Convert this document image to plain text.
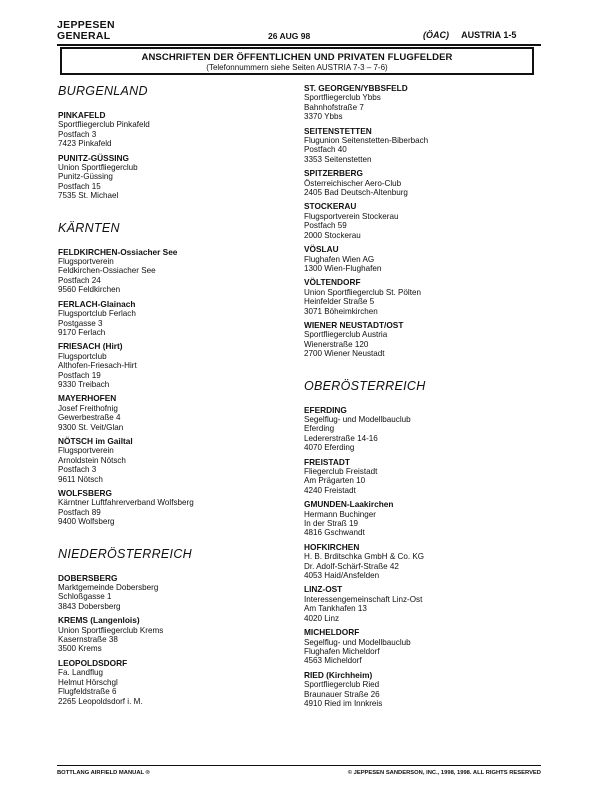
JEPPESEN
GENERAL	26 AUG 98	(ÖAC) AUSTRIA 1-5
ANSCHRIFTEN DER ÖFFENTLICHEN UND PRIVATEN FLUGFELDER
(Telefonnummern siehe Seiten AUSTRIA 7-3 – 7-6)
BURGENLAND
PINKAFELD
Sportfliegerclub Pinkafeld
Postfach 3
7423 Pinkafeld
PUNITZ-GÜSSING
Union Sportfliegerclub
Punitz-Güssing
Postfach 15
7535 St. Michael
KÄRNTEN
FELDKIRCHEN-Ossiacher See
Flugsportverein
Feldkirchen-Ossiacher See
Postfach 24
9560 Feldkirchen
FERLACH-Glainach
Flugsportclub Ferlach
Postgasse 3
9170 Ferlach
FRIESACH (Hirt)
Flugsportclub
Althofen-Friesach-Hirt
Postfach 19
9330 Treibach
MAYERHOFEN
Josef Freithofnig
Gewerbestraße 4
9300 St. Veit/Glan
NÖTSCH im Gailtal
Flugsportverein
Arnoldstein Nötsch
Postfach 3
9611 Nötsch
WOLFSBERG
Kärntner Luftfahrerverband Wolfsberg
Postfach 89
9400 Wolfsberg
NIEDERÖSTERREICH
DOBERSBERG
Marktgemeinde Dobersberg
Schloßgasse 1
3843 Dobersberg
KREMS (Langenlois)
Union Sportfliegerclub Krems
Kasernstraße 38
3500 Krems
LEOPOLDSDORF
Fa. Landflug
Helmut Hörschgl
Flugfeldstraße 6
2265 Leopoldsdorf i. M.
ST. GEORGEN/YBBSFELD
Sportfliegerclub Ybbs
Bahnhofstraße 7
3370 Ybbs
SEITENSTETTEN
Flugunion Seitenstetten-Biberbach
Postfach 40
3353 Seitenstetten
SPITZERBERG
Österreichischer Aero-Club
2405 Bad Deutsch-Altenburg
STOCKERAU
Flugsportverein Stockerau
Postfach 59
2000 Stockerau
VÖSLAU
Flughafen Wien AG
1300 Wien-Flughafen
VÖLTENDORF
Union Sportfliegerclub St. Pölten
Heinfelder Straße 5
3071 Böheimkirchen
WIENER NEUSTADT/OST
Sportfliegerclub Austria
Wienerstraße 120
2700 Wiener Neustadt
OBERÖSTERREICH
EFERDING
Segelflug- und Modellbauclub
Eferding
Ledererstraße 14-16
4070 Eferding
FREISTADT
Fliegerclub Freistadt
Am Prägarten 10
4240 Freistadt
GMUNDEN-Laakirchen
Hermann Buchinger
In der Straß 19
4816 Gschwandt
HOFKIRCHEN
H. B. Brditschka GmbH & Co. KG
Dr. Adolf-Schärf-Straße 42
4053 Haid/Ansfelden
LINZ-OST
Interessengemeinschaft Linz-Ost
Am Tankhafen 13
4020 Linz
MICHELDORF
Segelflug- und Modellbauclub
Flughafen Micheldorf
4563 Micheldorf
RIED (Kirchheim)
Sportfliegerclub Ried
Braunauer Straße 26
4910 Ried im Innkreis
BOTTLANG AIRFIELD MANUAL ®	© JEPPESEN SANDERSON, INC., 1998, 1998. ALL RIGHTS RESERVED
